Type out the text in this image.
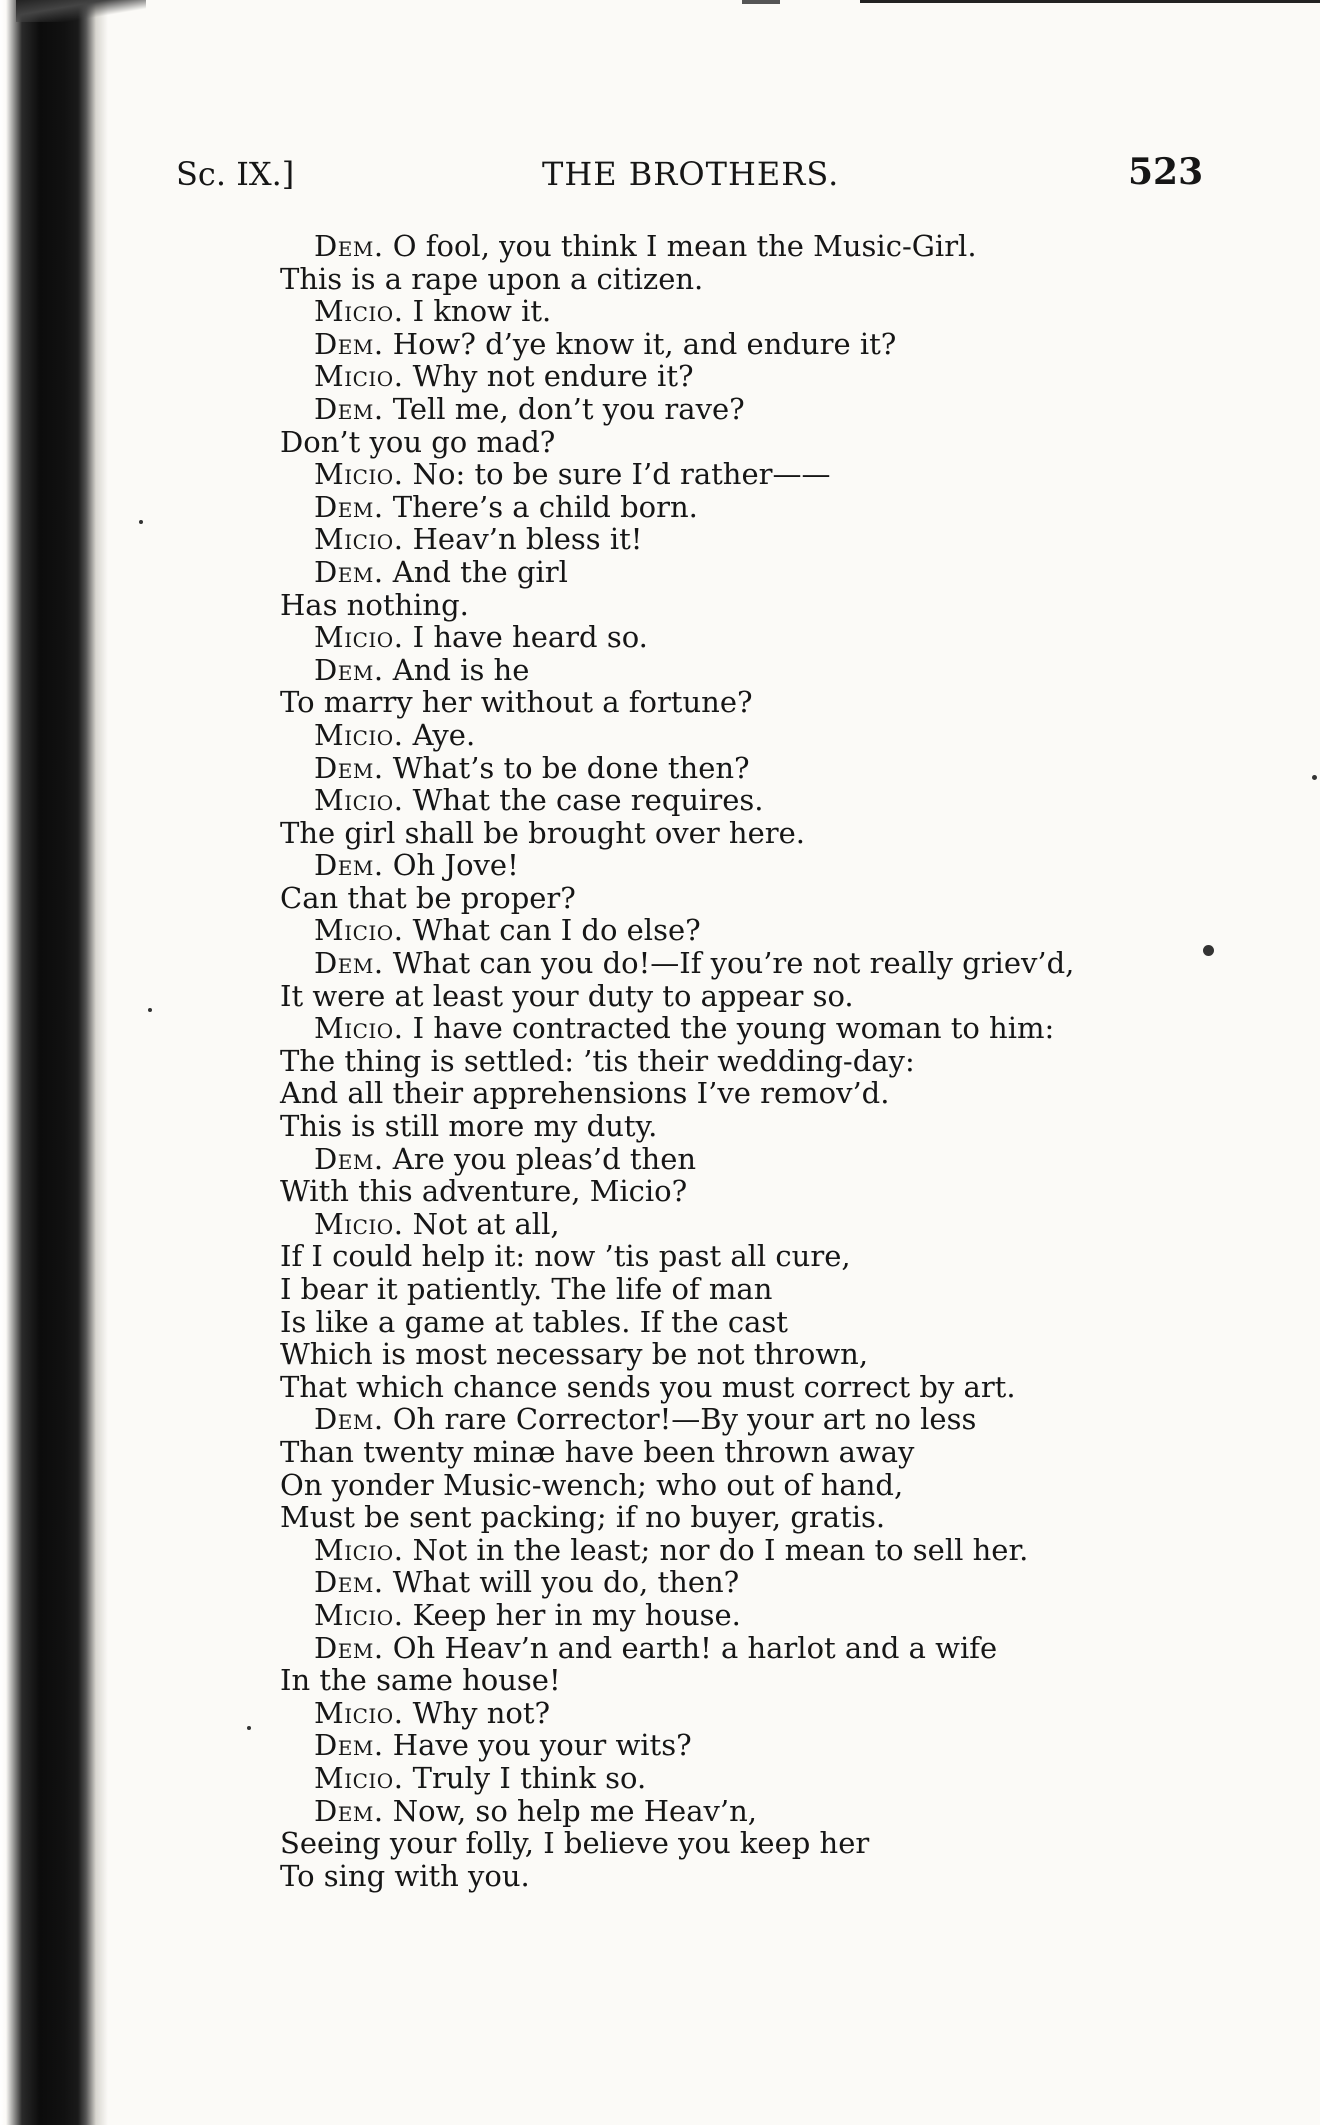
Sc. IX.]	THE BROTHERS.	523
Dem. O fool, you think I mean the Music-Girl.
This is a rape upon a citizen.
Micio. I know it.
Dem. How? d’ye know it, and endure it?
Micio. Why not endure it?
Dem. Tell me, don’t you rave?
Don’t you go mad?
Micio. No: to be sure I’d rather——
Dem. There’s a child born.
Micio. Heav’n bless it!
Dem. And the girl
Has nothing.
Micio. I have heard so.
Dem. And is he
To marry her without a fortune?
Micio. Aye.
Dem. What’s to be done then?
Micio. What the case requires.
The girl shall be brought over here.
Dem. Oh Jove!
Can that be proper?
Micio. What can I do else?
Dem. What can you do!—If you’re not really griev’d,
It were at least your duty to appear so.
Micio. I have contracted the young woman to him:
The thing is settled: ’tis their wedding-day:
And all their apprehensions I’ve remov’d.
This is still more my duty.
Dem. Are you pleas’d then
With this adventure, Micio?
Micio. Not at all,
If I could help it: now ’tis past all cure,
I bear it patiently. The life of man
Is like a game at tables. If the cast
Which is most necessary be not thrown,
That which chance sends you must correct by art.
Dem. Oh rare Corrector!—By your art no less
Than twenty minæ have been thrown away
On yonder Music-wench; who out of hand,
Must be sent packing; if no buyer, gratis.
Micio. Not in the least; nor do I mean to sell her.
Dem. What will you do, then?
Micio. Keep her in my house.
Dem. Oh Heav’n and earth! a harlot and a wife
In the same house!
Micio. Why not?
Dem. Have you your wits?
Micio. Truly I think so.
Dem. Now, so help me Heav’n,
Seeing your folly, I believe you keep her
To sing with you.
